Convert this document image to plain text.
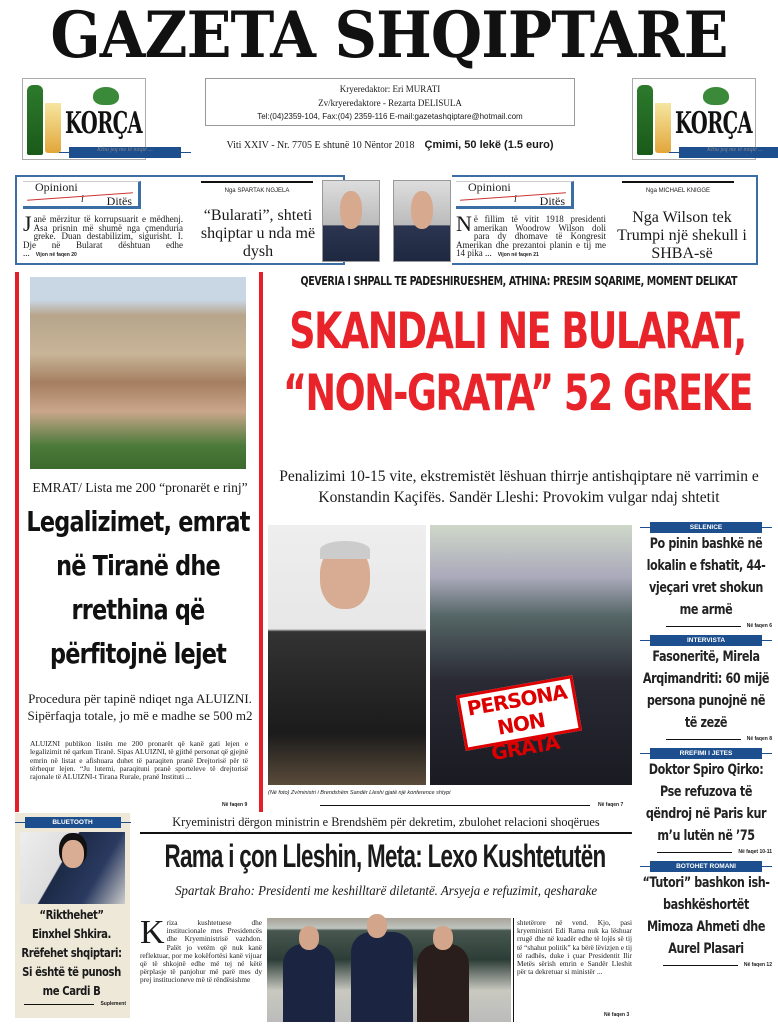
GAZETA SHQIPTARE
KORÇA
Kthu jeq me të miqtë ...
KORÇA
Kthu jeq me të miqtë ...
Kryeredaktor: Eri MURATI
Zv/kryeredaktore - Rezarta DELISULA
Tel:(04)2359-104, Fax:(04) 2359-116 E-mail:gazetashqiptare@hotmail.com
Viti XXIV - Nr. 7705 E shtunë 10 Nëntor 2018 Çmimi, 50 lekë (1.5 euro)
Opinioni
i Ditës
Janë mërzitur të korrupsuarit e mëdhenj. Asa prisnin më shumë nga çmenduria greke. Duan destabilizim, sigurisht. I. Dje në Bularat dështuan edhe ... Vijon në faqen 20
Nga SPARTAK NGJELA
“Bularati”, shteti shqiptar u nda më dysh
Opinioni
i Ditës
Në fillim të vitit 1918 presidenti amerikan Woodrow Wilson doli para dy dhomave të Kongresit Amerikan dhe prezantoi planin e tij me 14 pika ... Vijon në faqen 21
Nga MICHAEL KNIGGE
Nga Wilson tek Trumpi një shekull i SHBA-së
EMRAT/ Lista me 200 “pronarët e rinj”
Legalizimet, emrat në Tiranë dhe rrethina që përfitojnë lejet
Procedura për tapinë ndiqet nga ALUIZNI. Sipërfaqja totale, jo më e madhe se 500 m2
ALUIZNI publikon listën me 200 pronarët që kanë gati lejen e legalizimit në qarkun Tiranë. Sipas ALUIZNI, të gjithë personat që gjejnë emrin në listat e afishuara duhet të paraqiten pranë Drejtorisë për të tërhequr lejen. “Ju lutemi, paraqituni pranë sporteleve të drejtorisë rajonale të ALUIZNI-t Tirana Rurale, pranë Instituti ...
Në faqen 9
QEVERIA I SHPALL TE PADESHIRUESHEM, ATHINA: PRESIM SQARIME, MOMENT DELIKAT
SKANDALI NE BULARAT,
“NON-GRATA” 52 GREKE
Penalizimi 10-15 vite, ekstremistët lëshuan thirrje antishqiptare në varrimin e Konstandin Kaçifës. Sandër Lleshi: Provokim vulgar ndaj shtetit
PERSONA NON GRATA
(Në foto) Zv/ministri i Brendshëm Sandër Lleshi gjatë një konference shtypi
Në faqen 7
SELENICE
Po pinin bashkë në lokalin e fshatit, 44-vjeçari vret shokun me armë
Në faqen 6
INTERVISTA
Fasoneritë, Mirela Arqimandriti: 60 mijë persona punojnë në të zezë
Në faqen 8
RREFIMI I JETES
Doktor Spiro Qirko: Pse refuzova të qëndroj në Paris kur m’u lutën në ’75
Në faqet 10-11
BOTOHET ROMANI
“Tutori” bashkon ish-bashkëshortët Mimoza Ahmeti dhe Aurel Plasari
Në faqen 12
BLUETOOTH
“Rikthehet” Einxhel Shkira. Rrëfehet shqiptari: Si është të punosh me Cardi B
Suplement
Kryeministri dërgon ministrin e Brendshëm për dekretim, zbulohet relacioni shoqërues
Rama i çon Lleshin, Meta: Lexo Kushtetutën
Spartak Braho: Presidenti me keshilltarë diletantë. Arsyeja e refuzimit, qesharake
Kriza kushtetuese dhe institucionale mes Presidencës dhe Kryeministrisë vazhdon. Palët jo vetëm që nuk kanë reflektuar, por me kokëfortësi kanë vijuar që të shkojnë edhe më tej në këtë përplasje të panjohur më parë mes dy prej institucioneve më të rëndësishme
shtetërore në vend. Kjo, pasi kryeministri Edi Rama nuk ka lëshuar rrugë dhe në kuadër edhe të lojës së tij të “shahut politik” ka bërë lëvizjen e tij të radhës, duke i çuar Presidentit Ilir Metës sërish emrin e Sandër Lleshit për ta dekretuar si ministër ...
Në faqen 3
